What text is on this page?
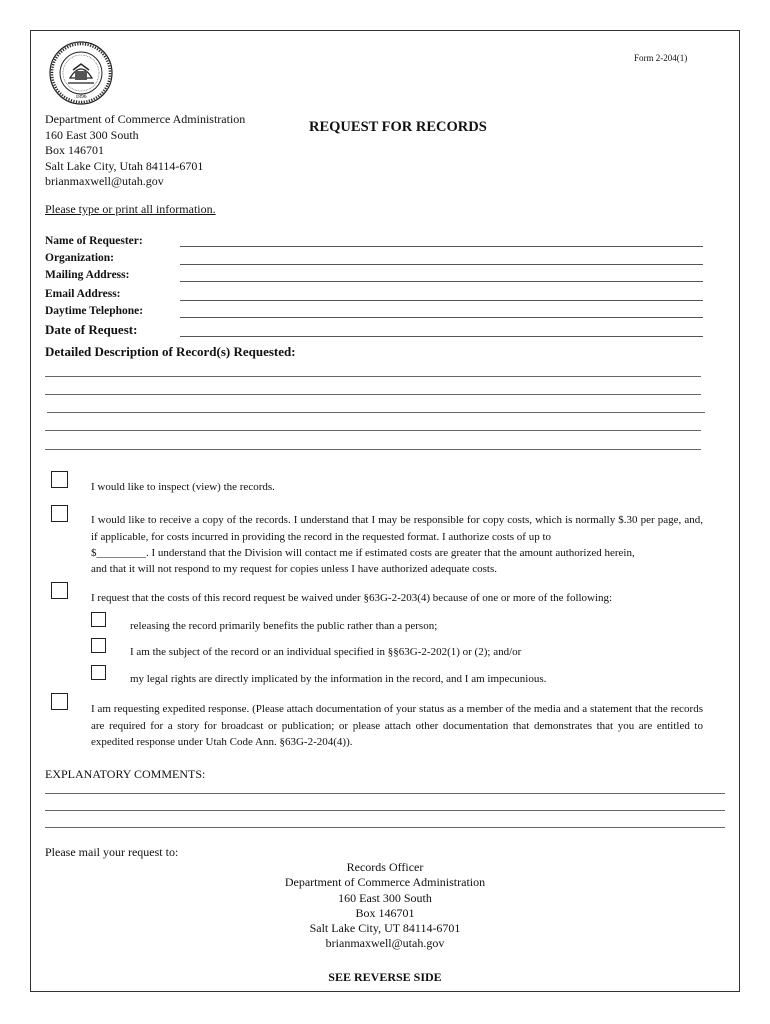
1896
Form 2-204(1)
Department of Commerce Administration
160 East 300 South
Box 146701
Salt Lake City, Utah 84114-6701
brianmaxwell@utah.gov
REQUEST FOR RECORDS
Please type or print all information.
Name of Requester:
Organization:
Mailing Address:
Email Address:
Daytime Telephone:
Date of Request:
Detailed Description of Record(s) Requested:
I would like to inspect (view) the records.
I would like to receive a copy of the records. I understand that I may be responsible for copy costs, which is normally $.30 per page, and, if applicable, for costs incurred in providing the record in the requested format. I authorize costs of up to
$_________. I understand that the Division will contact me if estimated costs are greater that the amount authorized herein,
and that it will not respond to my request for copies unless I have authorized adequate costs.
I request that the costs of this record request be waived under §63G-2-203(4) because of one or more of the following:
releasing the record primarily benefits the public rather than a person;
I am the subject of the record or an individual specified in §§63G-2-202(1) or (2); and/or
my legal rights are directly implicated by the information in the record, and I am impecunious.
I am requesting expedited response. (Please attach documentation of your status as a member of the media and a statement that the records are required for a story for broadcast or publication; or please attach other documentation that demonstrates that you are entitled to expedited response under Utah Code Ann. §63G-2-204(4)).
EXPLANATORY COMMENTS:
Please mail your request to:
Records Officer
Department of Commerce Administration
160 East 300 South
Box 146701
Salt Lake City, UT 84114-6701
brianmaxwell@utah.gov
SEE REVERSE SIDE
